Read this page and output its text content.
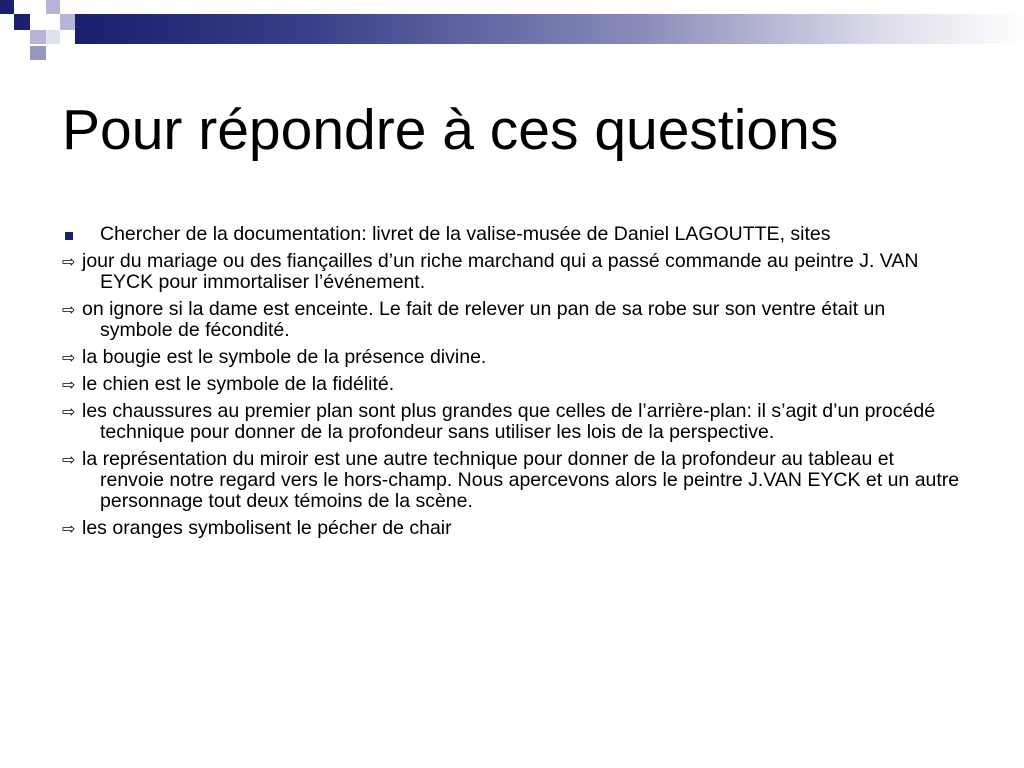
Pour répondre à ces questions
Chercher de la documentation: livret de la valise-musée de Daniel LAGOUTTE, sites
⇨ jour du mariage ou des fiançailles d’un riche marchand qui a passé commande au peintre J. VAN EYCK pour immortaliser l’événement.
⇨ on ignore si la dame est enceinte. Le fait de relever un pan de sa robe sur son ventre était un symbole de fécondité.
⇨ la bougie est le symbole de la présence divine.
⇨ le chien est le symbole de la fidélité.
⇨ les chaussures au premier plan sont plus grandes que celles de l’arrière-plan: il s’agit d’un procédé technique pour donner de la profondeur sans utiliser les lois de la perspective.
⇨ la représentation du miroir est une autre technique pour donner de la profondeur au tableau et renvoie notre regard vers le hors-champ. Nous apercevons alors le peintre J.VAN EYCK et un autre personnage tout deux témoins de la scène.
⇨ les oranges symbolisent le pécher de chair
